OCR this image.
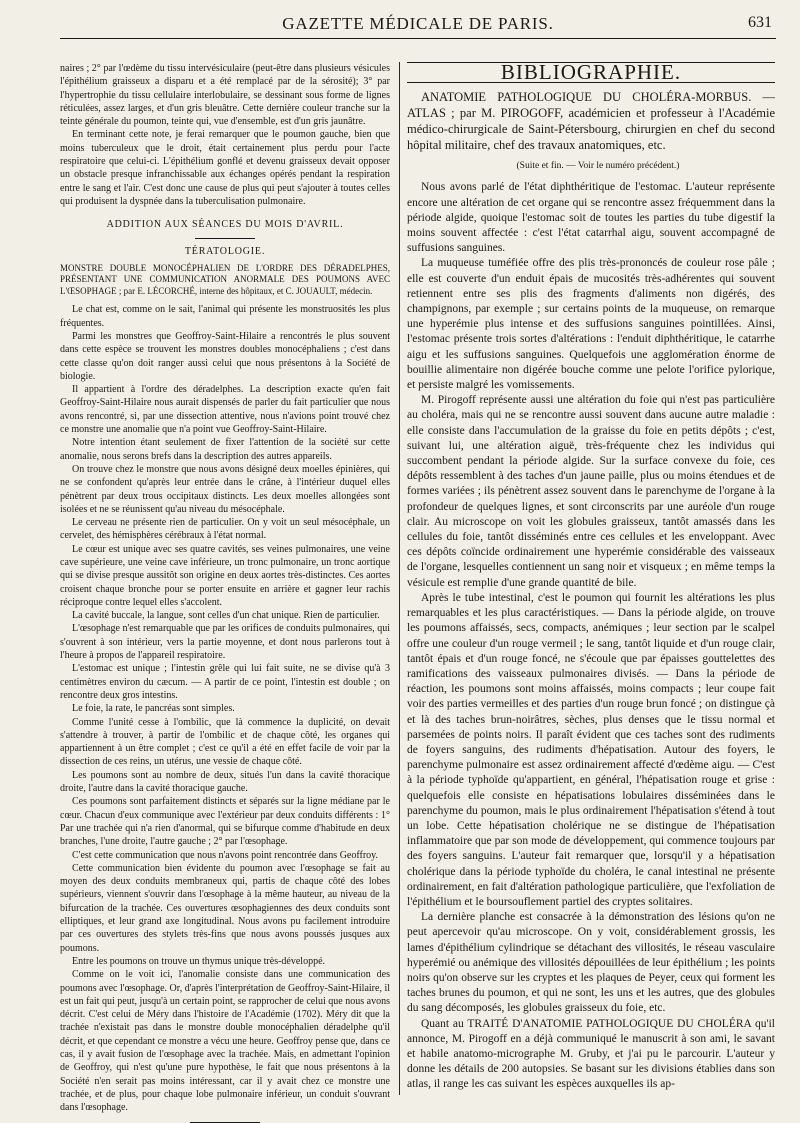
GAZETTE MÉDICALE DE PARIS.	631

naires ; 2° par l'œdème du tissu intervésiculaire (peut-être dans plusieurs vésicules l'épithélium graisseux a disparu et a été remplacé par de la sérosité); 3° par l'hypertrophie du tissu cellulaire interlobulaire, se dessinant sous forme de lignes réticulées, assez larges, et d'un gris bleuâtre. Cette dernière couleur tranche sur la teinte générale du poumon, teinte qui, vue d'ensemble, est d'un gris jaunâtre.

En terminant cette note, je ferai remarquer que le poumon gauche, bien que moins tuberculeux que le droit, était certainement plus perdu pour l'acte respiratoire que celui-ci. L'épithélium gonflé et devenu graisseux devait opposer un obstacle presque infranchissable aux échanges opérés pendant la respiration entre le sang et l'air. C'est donc une cause de plus qui peut s'ajouter à toutes celles qui produisent la dyspnée dans la tuberculisation pulmonaire.

ADDITION AUX SÉANCES DU MOIS D'AVRIL.
TÉRATOLOGIE.

MONSTRE DOUBLE MONOCÉPHALIEN DE L'ORDRE DES DÉRADELPHES, PRÉSENTANT UNE COMMUNICATION ANORMALE DES POUMONS AVEC L'ŒSOPHAGE ; par E. LÉCORCHÉ, interne des hôpitaux, et C. JOUAULT, médecin.

Le chat est, comme on le sait, l'animal qui présente les monstruosités les plus fréquentes.

Parmi les monstres que Geoffroy-Saint-Hilaire a rencontrés le plus souvent dans cette espèce se trouvent les monstres doubles monocéphaliens ; c'est dans cette classe qu'on doit ranger aussi celui que nous présentons à la Société de biologie.

Il appartient à l'ordre des déradelphes. La description exacte qu'en fait Geoffroy-Saint-Hilaire nous aurait dispensés de parler du fait particulier que nous avons rencontré, si, par une dissection attentive, nous n'avions point trouvé chez ce monstre une anomalie que n'a point vue Geoffroy-Saint-Hilaire.

Notre intention étant seulement de fixer l'attention de la société sur cette anomalie, nous serons brefs dans la description des autres appareils.

On trouve chez le monstre que nous avons désigné deux moelles épinières, qui ne se confondent qu'après leur entrée dans le crâne, à l'intérieur duquel elles pénètrent par deux trous occipitaux distincts. Les deux moelles allongées sont isolées et ne se réunissent qu'au niveau du mésocéphale.

Le cerveau ne présente rien de particulier. On y voit un seul mésocéphale, un cervelet, des hémisphères cérébraux à l'état normal.

Le cœur est unique avec ses quatre cavités, ses veines pulmonaires, une veine cave supérieure, une veine cave inférieure, un tronc pulmonaire, un tronc aortique qui se divise presque aussitôt son origine en deux aortes très-distinctes. Ces aortes croisent chaque bronche pour se porter ensuite en arrière et gagner leur rachis réciproque contre lequel elles s'accolent.

La cavité buccale, la langue, sont celles d'un chat unique. Rien de particulier.

L'œsophage n'est remarquable que par les orifices de conduits pulmonaires, qui s'ouvrent à son intérieur, vers la partie moyenne, et dont nous parlerons tout à l'heure à propos de l'appareil respiratoire.

L'estomac est unique ; l'intestin grêle qui lui fait suite, ne se divise qu'à 3 centimètres environ du cæcum. — A partir de ce point, l'intestin est double ; on rencontre deux gros intestins.

Le foie, la rate, le pancréas sont simples.

Comme l'unité cesse à l'ombilic, que là commence la duplicité, on devait s'attendre à trouver, à partir de l'ombilic et de chaque côté, les organes qui appartiennent à un être complet ; c'est ce qu'il a été en effet facile de voir par la dissection de ces reins, un utérus, une vessie de chaque côté.

Les poumons sont au nombre de deux, situés l'un dans la cavité thoracique droite, l'autre dans la cavité thoracique gauche.

Ces poumons sont parfaitement distincts et séparés sur la ligne médiane par le cœur. Chacun d'eux communique avec l'extérieur par deux conduits différents : 1° Par une trachée qui n'a rien d'anormal, qui se bifurque comme d'habitude en deux branches, l'une droite, l'autre gauche ; 2° par l'œsophage.

C'est cette communication que nous n'avons point rencontrée dans Geoffroy.

Cette communication bien évidente du poumon avec l'œsophage se fait au moyen des deux conduits membraneux qui, partis de chaque côté des lobes supérieurs, viennent s'ouvrir dans l'œsophage à la même hauteur, au niveau de la bifurcation de la trachée. Ces ouvertures œsophagiennes des deux conduits sont elliptiques, et leur grand axe longitudinal. Nous avons pu facilement introduire par ces ouvertures des stylets très-fins que nous avons poussés jusques aux poumons.

Entre les poumons on trouve un thymus unique très-développé.

Comme on le voit ici, l'anomalie consiste dans une communication des poumons avec l'œsophage. Or, d'après l'interprétation de Geoffroy-Saint-Hilaire, il est un fait qui peut, jusqu'à un certain point, se rapprocher de celui que nous avons décrit. C'est celui de Méry dans l'histoire de l'Académie (1702). Méry dit que la trachée n'existait pas dans le monstre double monocéphalien déradelphe qu'il décrit, et que cependant ce monstre a vécu une heure. Geoffroy pense que, dans ce cas, il y avait fusion de l'œsophage avec la trachée. Mais, en admettant l'opinion de Geoffroy, qui n'est qu'une pure hypothèse, le fait que nous présentons à la Société n'en serait pas moins intéressant, car il y avait chez ce monstre une trachée, et de plus, pour chaque lobe pulmonaire inférieur, un conduit s'ouvrant dans l'œsophage.

BIBLIOGRAPHIE.

ANATOMIE PATHOLOGIQUE DU CHOLÉRA-MORBUS. — ATLAS ; par M. PIROGOFF, académicien et professeur à l'Académie médico-chirurgicale de Saint-Pétersbourg, chirurgien en chef du second hôpital militaire, chef des travaux anatomiques, etc.

(Suite et fin. — Voir le numéro précédent.)

Nous avons parlé de l'état diphthéritique de l'estomac. L'auteur représente encore une altération de cet organe qui se rencontre assez fréquemment dans la période algide, quoique l'estomac soit de toutes les parties du tube digestif la moins souvent affectée : c'est l'état catarrhal aigu, souvent accompagné de suffusions sanguines.

La muqueuse tuméfiée offre des plis très-prononcés de couleur rose pâle ; elle est couverte d'un enduit épais de mucosités très-adhérentes qui souvent retiennent entre ses plis des fragments d'aliments non digérés, des champignons, par exemple ; sur certains points de la muqueuse, on remarque une hyperémie plus intense et des suffusions sanguines pointillées. Ainsi, l'estomac présente trois sortes d'altérations : l'enduit diphthéritique, le catarrhe aigu et les suffusions sanguines. Quelquefois une agglomération énorme de bouillie alimentaire non digérée bouche comme une pelote l'orifice pylorique, et persiste malgré les vomissements.

M. Pirogoff représente aussi une altération du foie qui n'est pas particulière au choléra, mais qui ne se rencontre aussi souvent dans aucune autre maladie : elle consiste dans l'accumulation de la graisse du foie en petits dépôts ; c'est, suivant lui, une altération aiguë, très-fréquente chez les individus qui succombent pendant la période algide. Sur la surface convexe du foie, ces dépôts ressemblent à des taches d'un jaune paille, plus ou moins étendues et de formes variées ; ils pénètrent assez souvent dans le parenchyme de l'organe à la profondeur de quelques lignes, et sont circonscrits par une auréole d'un rouge clair. Au microscope on voit les globules graisseux, tantôt amassés dans les cellules du foie, tantôt disséminés entre ces cellules et les enveloppant. Avec ces dépôts coïncide ordinairement une hyperémie considérable des vaisseaux de l'organe, lesquelles contiennent un sang noir et visqueux ; en même temps la vésicule est remplie d'une grande quantité de bile.

Après le tube intestinal, c'est le poumon qui fournit les altérations les plus remarquables et les plus caractéristiques. — Dans la période algide, on trouve les poumons affaissés, secs, compacts, anémiques ; leur section par le scalpel offre une couleur d'un rouge vermeil ; le sang, tantôt liquide et d'un rouge clair, tantôt épais et d'un rouge foncé, ne s'écoule que par épaisses gouttelettes des ramifications des vaisseaux pulmonaires divisés. — Dans la période de réaction, les poumons sont moins affaissés, moins compacts ; leur coupe fait voir des parties vermeilles et des parties d'un rouge brun foncé ; on distingue çà et là des taches brun-noirâtres, sèches, plus denses que le tissu normal et parsemées de points noirs. Il paraît évident que ces taches sont des rudiments de foyers sanguins, des rudiments d'hépatisation. Autour des foyers, le parenchyme pulmonaire est assez ordinairement affecté d'œdème aigu. — C'est à la période typhoïde qu'appartient, en général, l'hépatisation rouge et grise : quelquefois elle consiste en hépatisations lobulaires disséminées dans le parenchyme du poumon, mais le plus ordinairement l'hépatisation s'étend à tout un lobe. Cette hépatisation cholérique ne se distingue de l'hépatisation inflammatoire que par son mode de développement, qui commence toujours par des foyers sanguins. L'auteur fait remarquer que, lorsqu'il y a hépatisation cholérique dans la période typhoïde du choléra, le canal intestinal ne présente ordinairement, en fait d'altération pathologique particulière, que l'exfoliation de l'épithélium et le boursouflement partiel des cryptes solitaires.

La dernière planche est consacrée à la démonstration des lésions qu'on ne peut apercevoir qu'au microscope. On y voit, considérablement grossis, les lames d'épithélium cylindrique se détachant des villosités, le réseau vasculaire hyperémié ou anémique des villosités dépouillées de leur épithélium ; les points noirs qu'on observe sur les cryptes et les plaques de Peyer, ceux qui forment les taches brunes du poumon, et qui ne sont, les uns et les autres, que des globules du sang décomposés, les globules graisseux du foie, etc.

Quant au TRAITÉ D'ANATOMIE PATHOLOGIQUE DU CHOLÉRA qu'il annonce, M. Pirogoff en a déjà communiqué le manuscrit à son ami, le savant et habile anatomo-micrographe M. Gruby, et j'ai pu le parcourir. L'auteur y donne les détails de 200 autopsies. Se basant sur les divisions établies dans son atlas, il range les cas suivant les espèces auxquelles ils ap-
